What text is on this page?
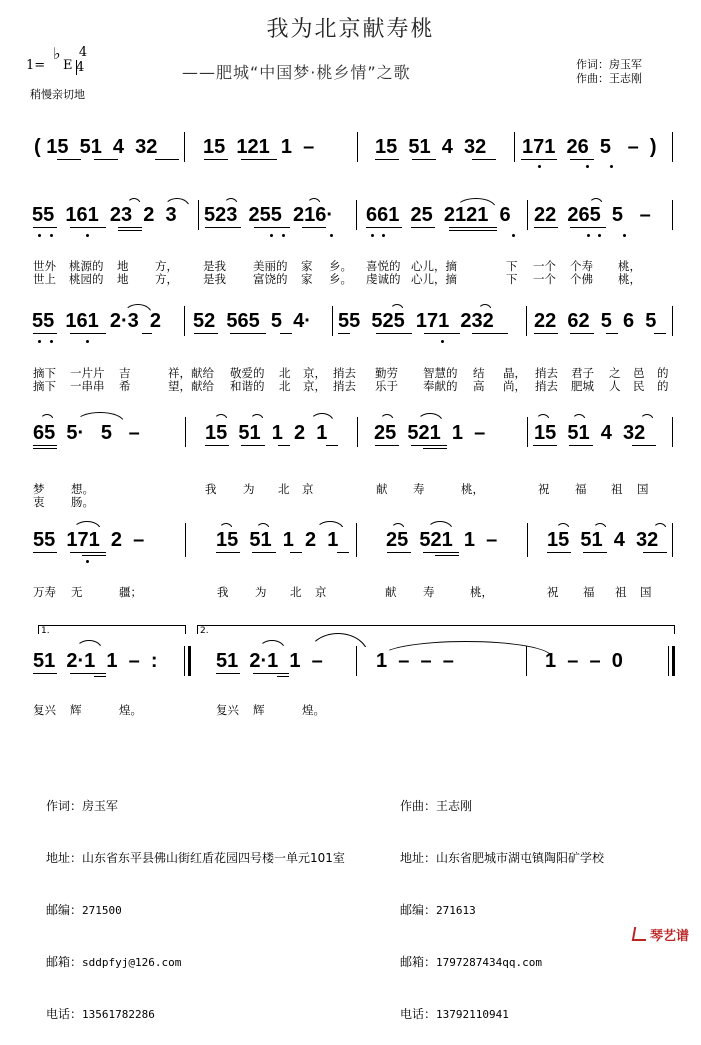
我为北京献寿桃
1=
♭
E
$\frac{4}{4}$
稍慢亲切地
——肥城“中国梦·桃乡情”之歌	作词：房玉军
作曲：王志刚
( 15  51  4  32 15  121  1  –	15  51  4  32 171  26  5   –  )
55  161  23  2  3 523  255  216· 661  25  2121  6 22  265  5   –

世外 桃源的 地 方， 是我 美丽的 家 乡。 喜悦的 心儿，摘	下 一个 个寿 桃，

世上 桃园的 地 方， 是我 富饶的 家 乡。 虔诚的 心儿，摘	下 一个 个佛 桃，

55  161  2·3  2 52  565  5  4· 55  525  171  232 22  62  5  6  5

摘下 一片片 吉	祥，献给 敬爱的 北 京， 捎去 勤劳 智慧的 结 晶， 捎去 君子 之 邑 的

摘下 一串串 希	望，献给 和谐的 北 京， 捎去 乐于 奉献的 高 尚， 捎去 肥城 人 民 的

65  5·   5   –	15  51  1  2  1 25  521  1  – 15  51  4  32

梦 想。	我 为 北 京	献 寿	桃，	祝 福 祖 国

衷 肠。

55  171  2  –	15  51  1  2  1 25  521  1  – 15  51  4  32

万寿 无	疆；	我 为 北 京	献 寿	桃，	祝 福 祖 国

1.	2.
51  2·1  1  –  :	51  2·1  1  –	1  –  –  –	1  –  –  0

复兴 辉	煌。	复兴 辉	煌。

作词：房玉军

地址：山东省东平县佛山街红盾花园四号楼一单元101室

邮编：271500

邮箱：sddpfyj@126.com

电话：13561782286

作曲：王志刚

地址：山东省肥城市湖屯镇陶阳矿学校

邮编：271613

邮箱：1797287434qq.com

电话：13792110941

琴艺谱
